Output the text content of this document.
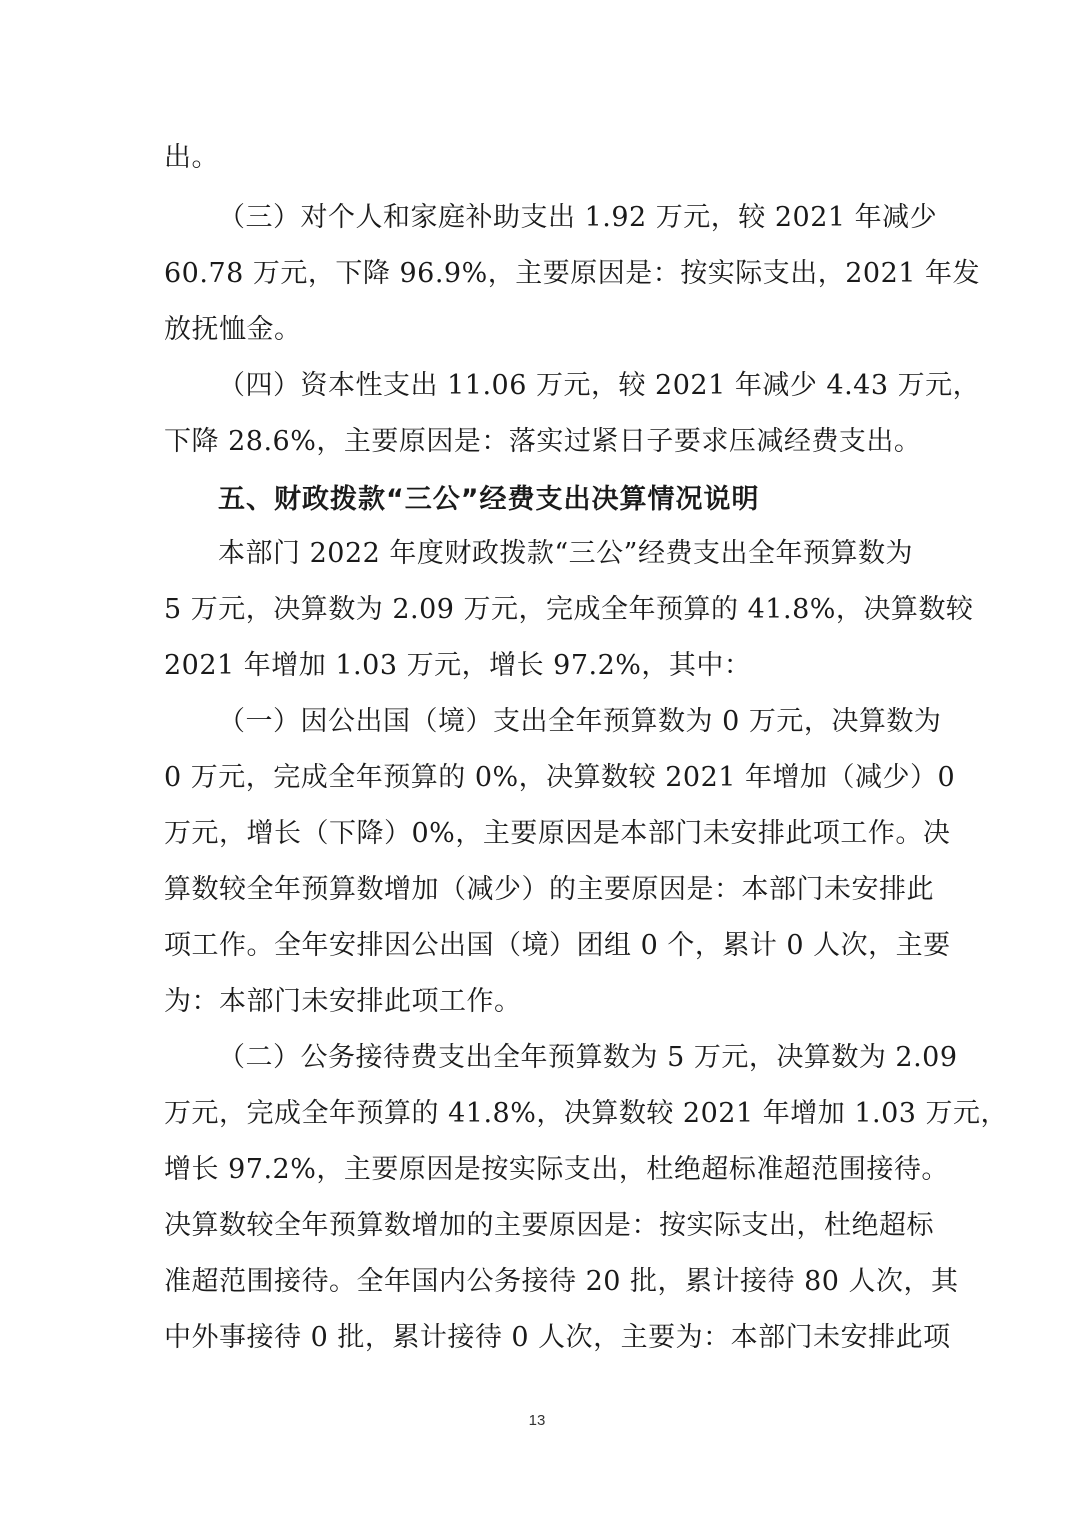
出。
（三）对个人和家庭补助支出 1.92 万元，较 2021 年减少
60.78 万元，下降 96.9%，主要原因是：按实际支出，2021 年发
放抚恤金。
（四）资本性支出 11.06 万元，较 2021 年减少 4.43 万元，
下降 28.6%，主要原因是：落实过紧日子要求压减经费支出。
五、财政拨款“三公”经费支出决算情况说明
本部门 2022 年度财政拨款“三公”经费支出全年预算数为
5 万元，决算数为 2.09 万元，完成全年预算的 41.8%，决算数较
2021 年增加 1.03 万元，增长 97.2%，其中：
（一）因公出国（境）支出全年预算数为 0 万元，决算数为
0 万元，完成全年预算的 0%，决算数较 2021 年增加（减少）0
万元，增长（下降）0%，主要原因是本部门未安排此项工作。决
算数较全年预算数增加（减少）的主要原因是：本部门未安排此
项工作。全年安排因公出国（境）团组 0 个，累计 0 人次，主要
为：本部门未安排此项工作。
（二）公务接待费支出全年预算数为 5 万元，决算数为 2.09
万元，完成全年预算的 41.8%，决算数较 2021 年增加 1.03 万元，
增长 97.2%，主要原因是按实际支出，杜绝超标准超范围接待。
决算数较全年预算数增加的主要原因是：按实际支出，杜绝超标
准超范围接待。全年国内公务接待 20 批，累计接待 80 人次，其
中外事接待 0 批，累计接待 0 人次，主要为：本部门未安排此项
13
